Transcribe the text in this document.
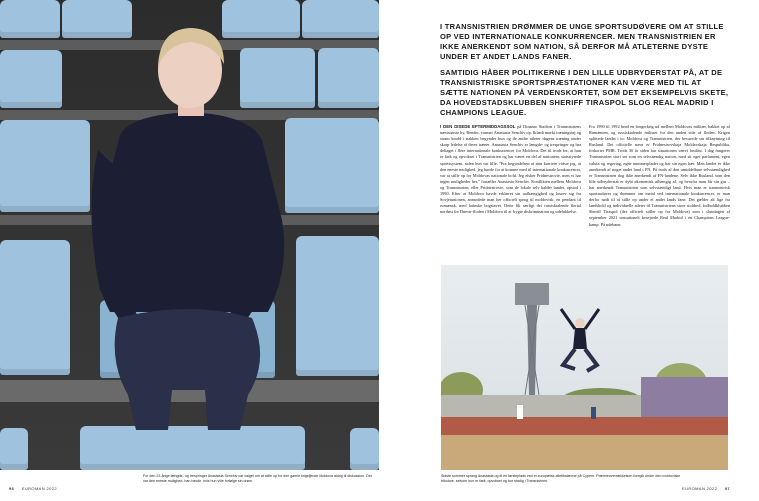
For den 23-årige længde- og trespringer Anastasia Senchiv var valget om at stille op for den gamle krigsfjende Moldova aldrig til diskussion. Det var den eneste mulighed, han havde, hvis hun ville forfølge sin drøm.
96 EUROMAN 2022

I TRANSNISTRIEN DRØMMER DE UNGE SPORTSUDØVERE OM AT STILLE OP VED INTERNATIONALE KONKURRENCER. MEN TRANSNISTRIEN ER IKKE ANERKENDT SOM NATION, SÅ DERFOR MÅ ATLETERNE DYSTE UNDER ET ANDET LANDS FANER.

SAMTIDIG HÅBER POLITIKERNE I DEN LILLE UDBRYDERSTAT PÅ, AT DE TRANSNISTRISKE SPORTSPRÆSTATIONER KAN VÆRE MED TIL AT SÆTTE NATIONEN PÅ VERDENSKORTET, SOM DET EKSEMPELVIS SKETE, DA HOVEDSTADSKLUBBEN SHERIFF TIRASPOL SLOG REAL MADRID I CHAMPIONS LEAGUE.

I DEN DISEDE EFTERMIDDAGSSOL på Dinamo Stadion i Transnistriens næststørste by, Bender, varmer Anastasia Senchiv op. Iklædt mørkt træningstøj og stram knold i nakken begynder hun og de andre atleter dagens træning under skarp ledelse af deres træner. Anastasia Senchiv er længde- og trespringer og har deltaget i flere internationale konkurrencer for Moldova. Det til trods for, at hun er født og opvokset i Transnistrien og har været en del af nationens statsstyrede sportssystem, siden hun var lille. "Fra begyndelsen af min karriere vidste jeg, at den eneste mulighed, jeg havde for at komme med til internationale konkurrencer, var at stille op for Moldovas nationale hold. Jeg elsker Pridnestrovie, men vi har ingen muligheder her," fortæller Anastasia Senchiv. Konflikten mellem Moldova og Transnistrien, eller Pridnestrovie, som de lokale selv kalder landet, opstod i 1990. Efter at Moldova havde erklæret sin uafhængighed og løsrev sig fra Sovjetunionen, anmodede man her officielt sprog til moldovisk, en pendant til rumænsk, med latinske bogstaver. Dette fik særligt det russisktalende flertal nordøst for Dnestr-floden i Moldova til at frygte diskrimination og udelukkelse.

Fra 1990 til 1992 brød en borgerkrig ud mellem Moldovas militær, bakket op af Rumænien, og russisktalende militser fra den anden side af floden. Krigen splittede landet i to: Moldova og Transnistrien, der bevarede sin tilknytning til Rusland. Det officielle navn er Pridnestrovskaja Moldavskaja Respublika, forkortet PMR. Trods 30 år siden har situationen været fastlåst. I dag fungerer Transnistrien stort set som en selvstændig nation, med sit eget parlament, egen valuta og regering, egne nummerplader og har sin egen hær. Men landet er ikke anerkendt af noget andet land i FN. På trods af den umiddelbare selvstændighed er Transnistrien dog ikke anerkendt af FN-landene. Selv ikke Rusland, som den lille udbryderstat er dybt økonomisk afhængig af, og hvorfra man får sin gas – har anerkendt Transnistrien som selvstændigt land. Hvis man er transnistrisk sportsudøver og drømmer om metal ved internationale konkurrencer, er man derfor nødt til at stille op under et andet lands fane. Det gælder alt lige fra landshold og individuelle atleter til Transnistriens store stolthed, fodboldklubben Sheriff Tiraspol (der officielt stiller op for Moldova) som i slutningen af september 2021 sensationelt besejrede Real Madrid i en Champions League-kamp. På udebane.

Sidste sommer sprang Anastasia og til en førsteplads ved et europæisk atletikstævne på Cypern. Præmieoverrækkelsen foregik under den moldoviske trikolore, selvom hun er født, opvokset og bor stadig i Transnistrien.
EUROMAN 2022 97
